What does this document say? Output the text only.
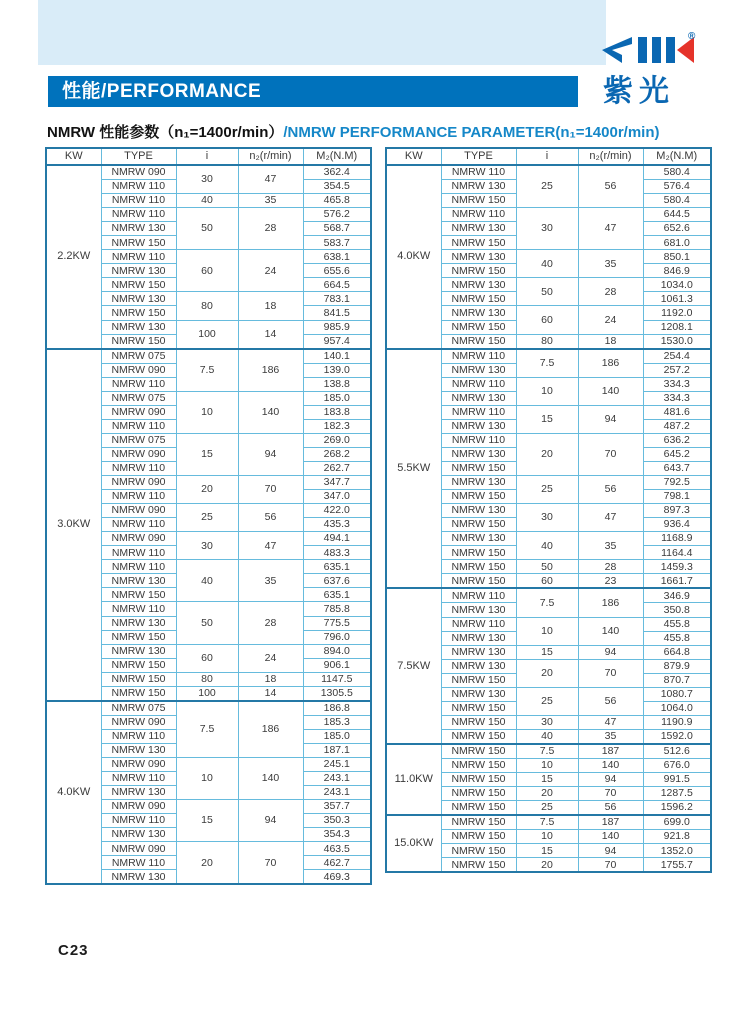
®
紫光
性能/PERFORMANCE
NMRW 性能参数（n₁=1400r/min）/NMRW PERFORMANCE PARAMETER(n₁=1400r/min)
KW	TYPE	i	n₂(r/min)	M₂(N.M)
2.2KW	NMRW 090	30	47	362.4
	NMRW 110			354.5
	NMRW 110	40	35	465.8
	NMRW 110	50	28	576.2
	NMRW 130			568.7
	NMRW 150			583.7
	NMRW 110	60	24	638.1
	NMRW 130			655.6
	NMRW 150			664.5
	NMRW 130	80	18	783.1
	NMRW 150			841.5
	NMRW 130	100	14	985.9
	NMRW 150			957.4
3.0KW	NMRW 075	7.5	186	140.1
	NMRW 090			139.0
	NMRW 110			138.8
	NMRW 075	10	140	185.0
	NMRW 090			183.8
	NMRW 110			182.3
	NMRW 075	15	94	269.0
	NMRW 090			268.2
	NMRW 110			262.7
	NMRW 090	20	70	347.7
	NMRW 110			347.0
	NMRW 090	25	56	422.0
	NMRW 110			435.3
	NMRW 090	30	47	494.1
	NMRW 110			483.3
	NMRW 110	40	35	635.1
	NMRW 130			637.6
	NMRW 150			635.1
	NMRW 110	50	28	785.8
	NMRW 130			775.5
	NMRW 150			796.0
	NMRW 130	60	24	894.0
	NMRW 150			906.1
	NMRW 150	80	18	1147.5
	NMRW 150	100	14	1305.5
4.0KW	NMRW 075	7.5	186	186.8
	NMRW 090			185.3
	NMRW 110			185.0
	NMRW 130			187.1
	NMRW 090	10	140	245.1
	NMRW 110			243.1
	NMRW 130			243.1
	NMRW 090	15	94	357.7
	NMRW 110			350.3
	NMRW 130			354.3
	NMRW 090	20	70	463.5
	NMRW 110			462.7
	NMRW 130			469.3
KW	TYPE	i	n₂(r/min)	M₂(N.M)
4.0KW	NMRW 110	25	56	580.4
	NMRW 130			576.4
	NMRW 150			580.4
	NMRW 110	30	47	644.5
	NMRW 130			652.6
	NMRW 150			681.0
	NMRW 130	40	35	850.1
	NMRW 150			846.9
	NMRW 130	50	28	1034.0
	NMRW 150			1061.3
	NMRW 130	60	24	1192.0
	NMRW 150			1208.1
	NMRW 150	80	18	1530.0
5.5KW	NMRW 110	7.5	186	254.4
	NMRW 130			257.2
	NMRW 110	10	140	334.3
	NMRW 130			334.3
	NMRW 110	15	94	481.6
	NMRW 130			487.2
	NMRW 110	20	70	636.2
	NMRW 130			645.2
	NMRW 150			643.7
	NMRW 130	25	56	792.5
	NMRW 150			798.1
	NMRW 130	30	47	897.3
	NMRW 150			936.4
	NMRW 130	40	35	1168.9
	NMRW 150			1164.4
	NMRW 150	50	28	1459.3
	NMRW 150	60	23	1661.7
7.5KW	NMRW 110	7.5	186	346.9
	NMRW 130			350.8
	NMRW 110	10	140	455.8
	NMRW 130			455.8
	NMRW 130	15	94	664.8
	NMRW 130	20	70	879.9
	NMRW 150			870.7
	NMRW 130	25	56	1080.7
	NMRW 150			1064.0
	NMRW 150	30	47	1190.9
	NMRW 150	40	35	1592.0
11.0KW	NMRW 150	7.5	187	512.6
	NMRW 150	10	140	676.0
	NMRW 150	15	94	991.5
	NMRW 150	20	70	1287.5
	NMRW 150	25	56	1596.2
15.0KW	NMRW 150	7.5	187	699.0
	NMRW 150	10	140	921.8
	NMRW 150	15	94	1352.0
	NMRW 150	20	70	1755.7
C23
